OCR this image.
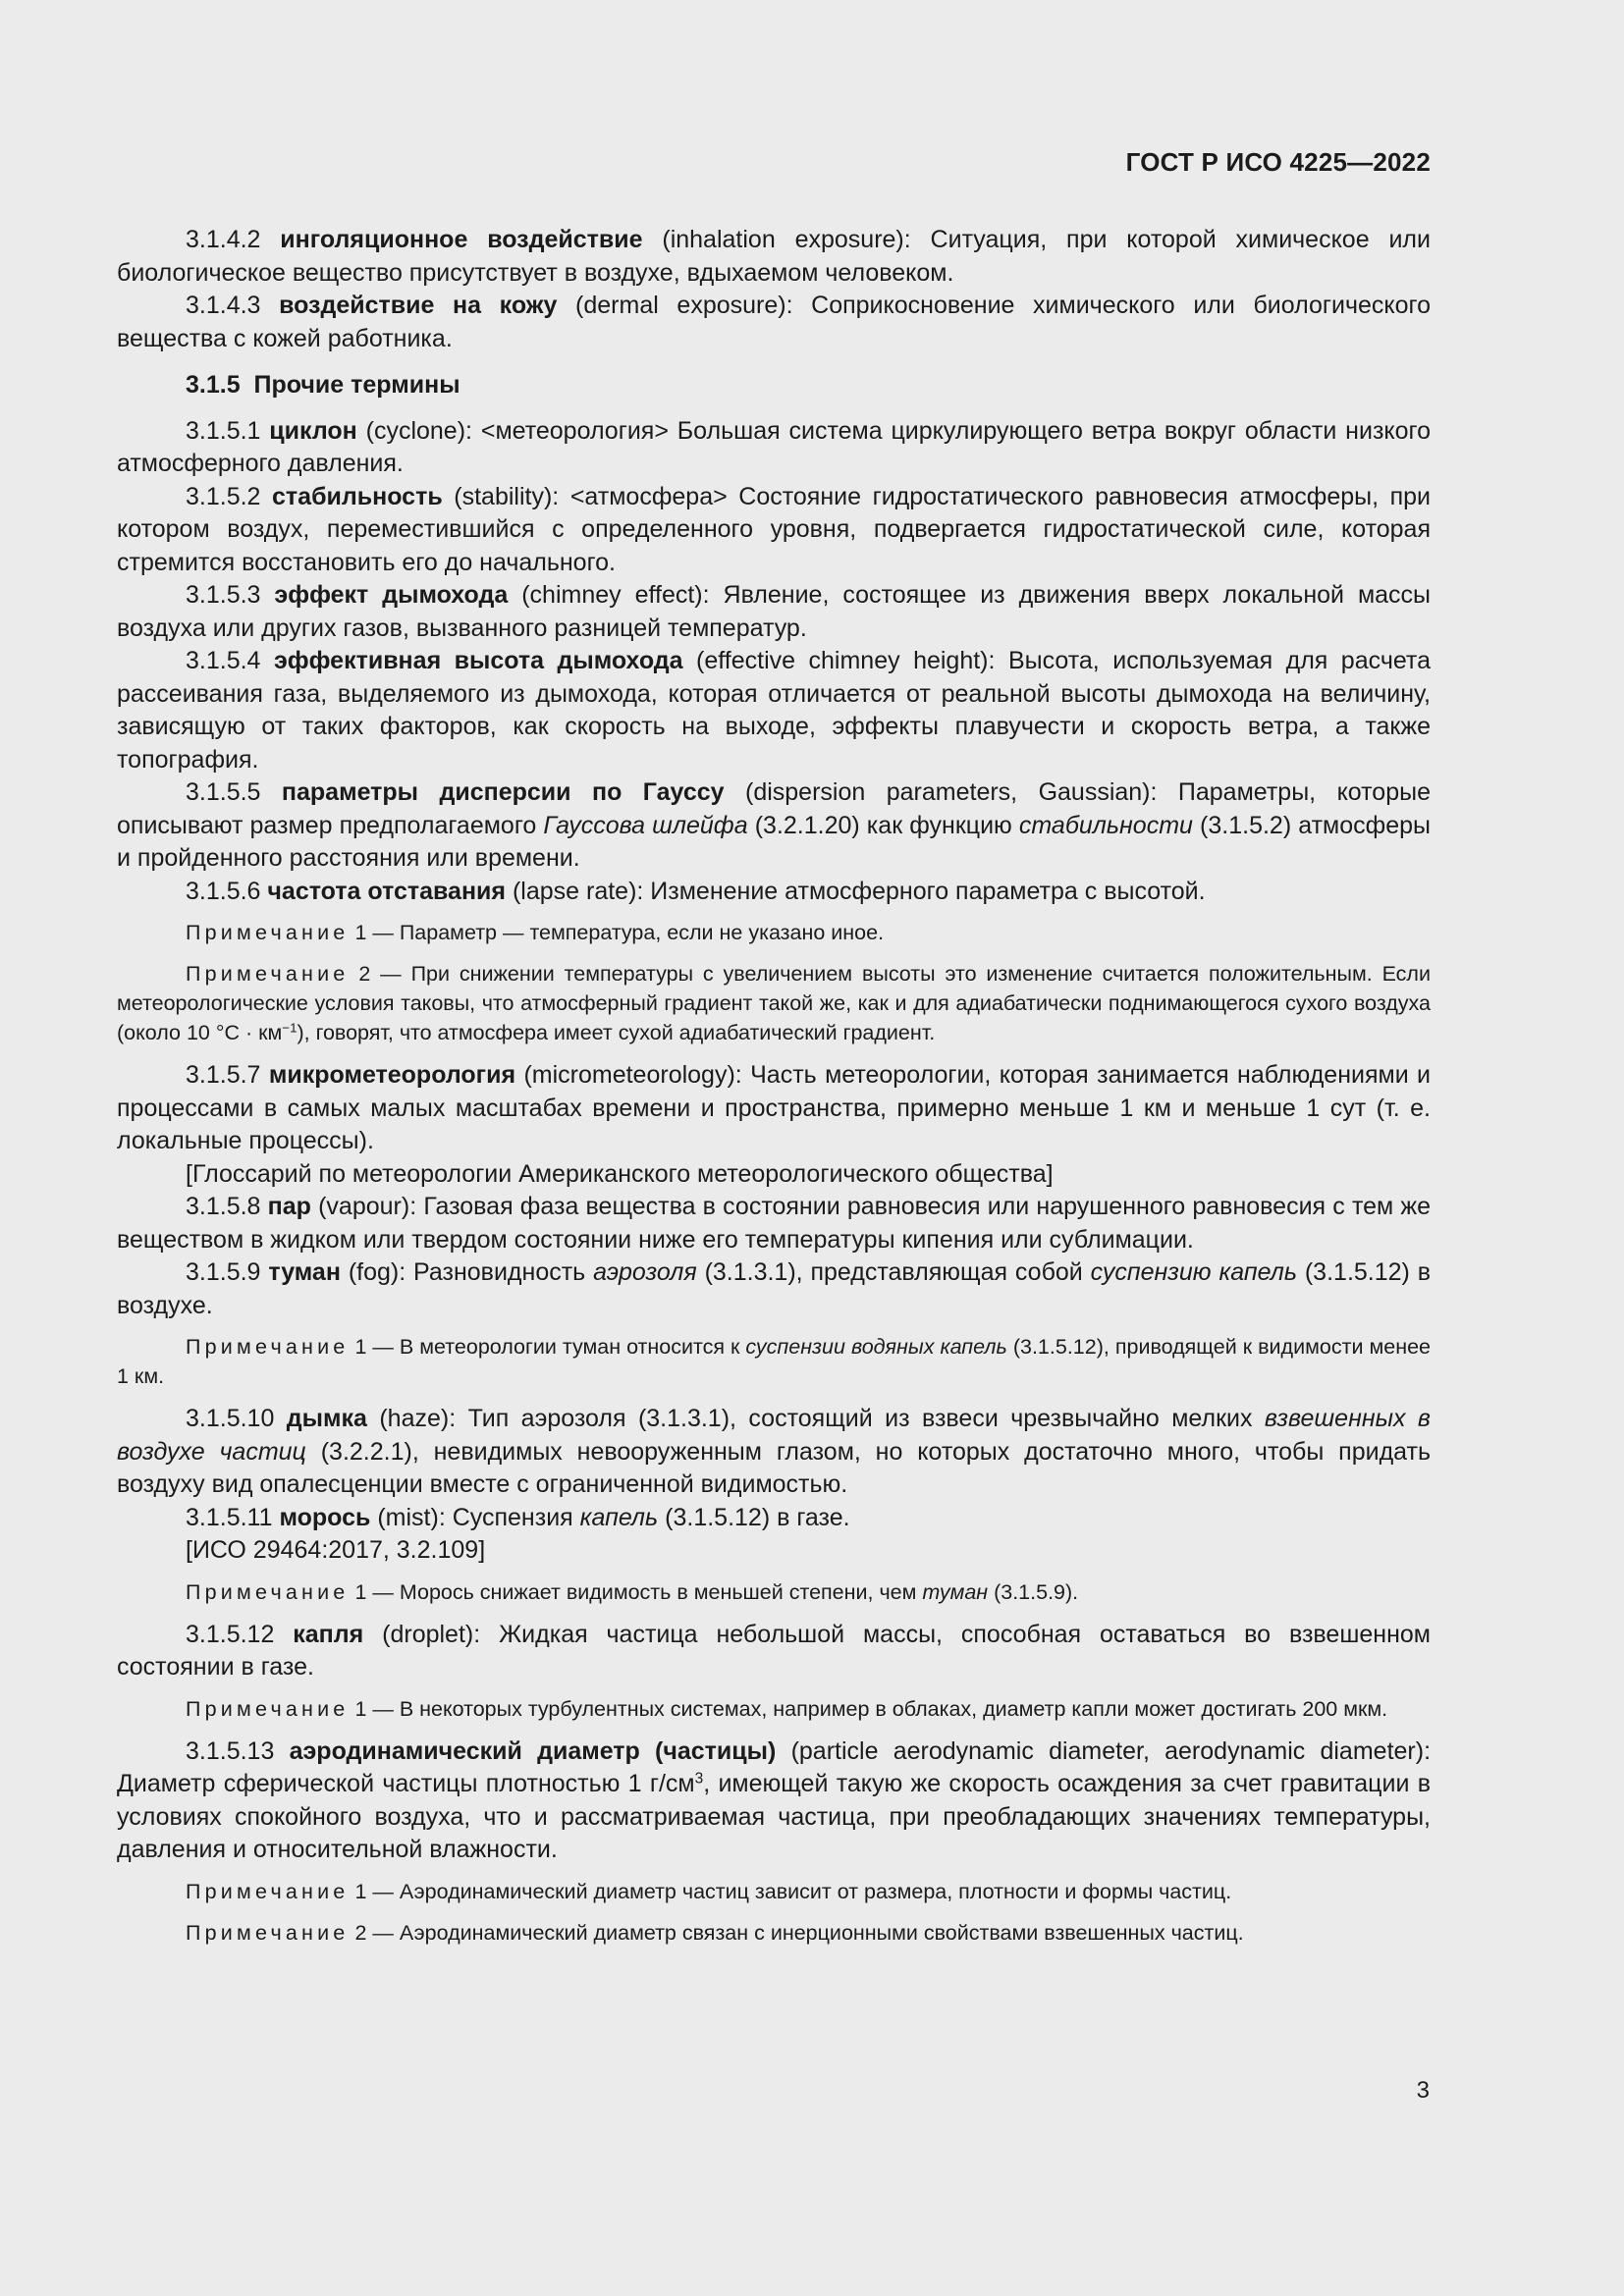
ГОСТ Р ИСО 4225—2022

3.1.4.2 инголяционное воздействие (inhalation exposure): Ситуация, при которой химическое или биологическое вещество присутствует в воздухе, вдыхаемом человеком.

3.1.4.3 воздействие на кожу (dermal exposure): Соприкосновение химического или биологического вещества с кожей работника.

3.1.5 Прочие термины

3.1.5.1 циклон (cyclone): <метеорология> Большая система циркулирующего ветра вокруг области низкого атмосферного давления.

3.1.5.2 стабильность (stability): <атмосфера> Состояние гидростатического равновесия атмосферы, при котором воздух, переместившийся с определенного уровня, подвергается гидростатической силе, которая стремится восстановить его до начального.

3.1.5.3 эффект дымохода (chimney effect): Явление, состоящее из движения вверх локальной массы воздуха или других газов, вызванного разницей температур.

3.1.5.4 эффективная высота дымохода (effective chimney height): Высота, используемая для расчета рассеивания газа, выделяемого из дымохода, которая отличается от реальной высоты дымохода на величину, зависящую от таких факторов, как скорость на выходе, эффекты плавучести и скорость ветра, а также топография.

3.1.5.5 параметры дисперсии по Гауссу (dispersion parameters, Gaussian): Параметры, которые описывают размер предполагаемого Гауссова шлейфа (3.2.1.20) как функцию стабильности (3.1.5.2) атмосферы и пройденного расстояния или времени.

3.1.5.6 частота отставания (lapse rate): Изменение атмосферного параметра с высотой.

Примечание 1 — Параметр — температура, если не указано иное.

Примечание 2 — При снижении температуры с увеличением высоты это изменение считается положительным. Если метеорологические условия таковы, что атмосферный градиент такой же, как и для адиабатически поднимающегося сухого воздуха (около 10 $^\circ C \cdot км^{-1}$), говорят, что атмосфера имеет сухой адиабатический градиент.

3.1.5.7 микрометеорология (micrometeorology): Часть метеорологии, которая занимается наблюдениями и процессами в самых малых масштабах времени и пространства, примерно меньше 1 км и меньше 1 сут (т. е. локальные процессы).

[Глоссарий по метеорологии Американского метеорологического общества]

3.1.5.8 пар (vapour): Газовая фаза вещества в состоянии равновесия или нарушенного равновесия с тем же веществом в жидком или твердом состоянии ниже его температуры кипения или сублимации.

3.1.5.9 туман (fog): Разновидность аэрозоля (3.1.3.1), представляющая собой суспензию капель (3.1.5.12) в воздухе.

Примечание 1 — В метеорологии туман относится к суспензии водяных капель (3.1.5.12), приводящей к видимости менее 1 км.

3.1.5.10 дымка (haze): Тип аэрозоля (3.1.3.1), состоящий из взвеси чрезвычайно мелких взвешенных в воздухе частиц (3.2.2.1), невидимых невооруженным глазом, но которых достаточно много, чтобы придать воздуху вид опалесценции вместе с ограниченной видимостью.

3.1.5.11 морось (mist): Суспензия капель (3.1.5.12) в газе.

[ИСО 29464:2017, 3.2.109]

Примечание 1 — Морось снижает видимость в меньшей степени, чем туман (3.1.5.9).

3.1.5.12 капля (droplet): Жидкая частица небольшой массы, способная оставаться во взвешенном состоянии в газе.

Примечание 1 — В некоторых турбулентных системах, например в облаках, диаметр капли может достигать 200 мкм.

3.1.5.13 аэродинамический диаметр (частицы) (particle aerodynamic diameter, aerodynamic diameter): Диаметр сферической частицы плотностью 1 $г/см^3$, имеющей такую же скорость осаждения за счет гравитации в условиях спокойного воздуха, что и рассматриваемая частица, при преобладающих значениях температуры, давления и относительной влажности.

Примечание 1 — Аэродинамический диаметр частиц зависит от размера, плотности и формы частиц.

Примечание 2 — Аэродинамический диаметр связан с инерционными свойствами взвешенных частиц.

3
